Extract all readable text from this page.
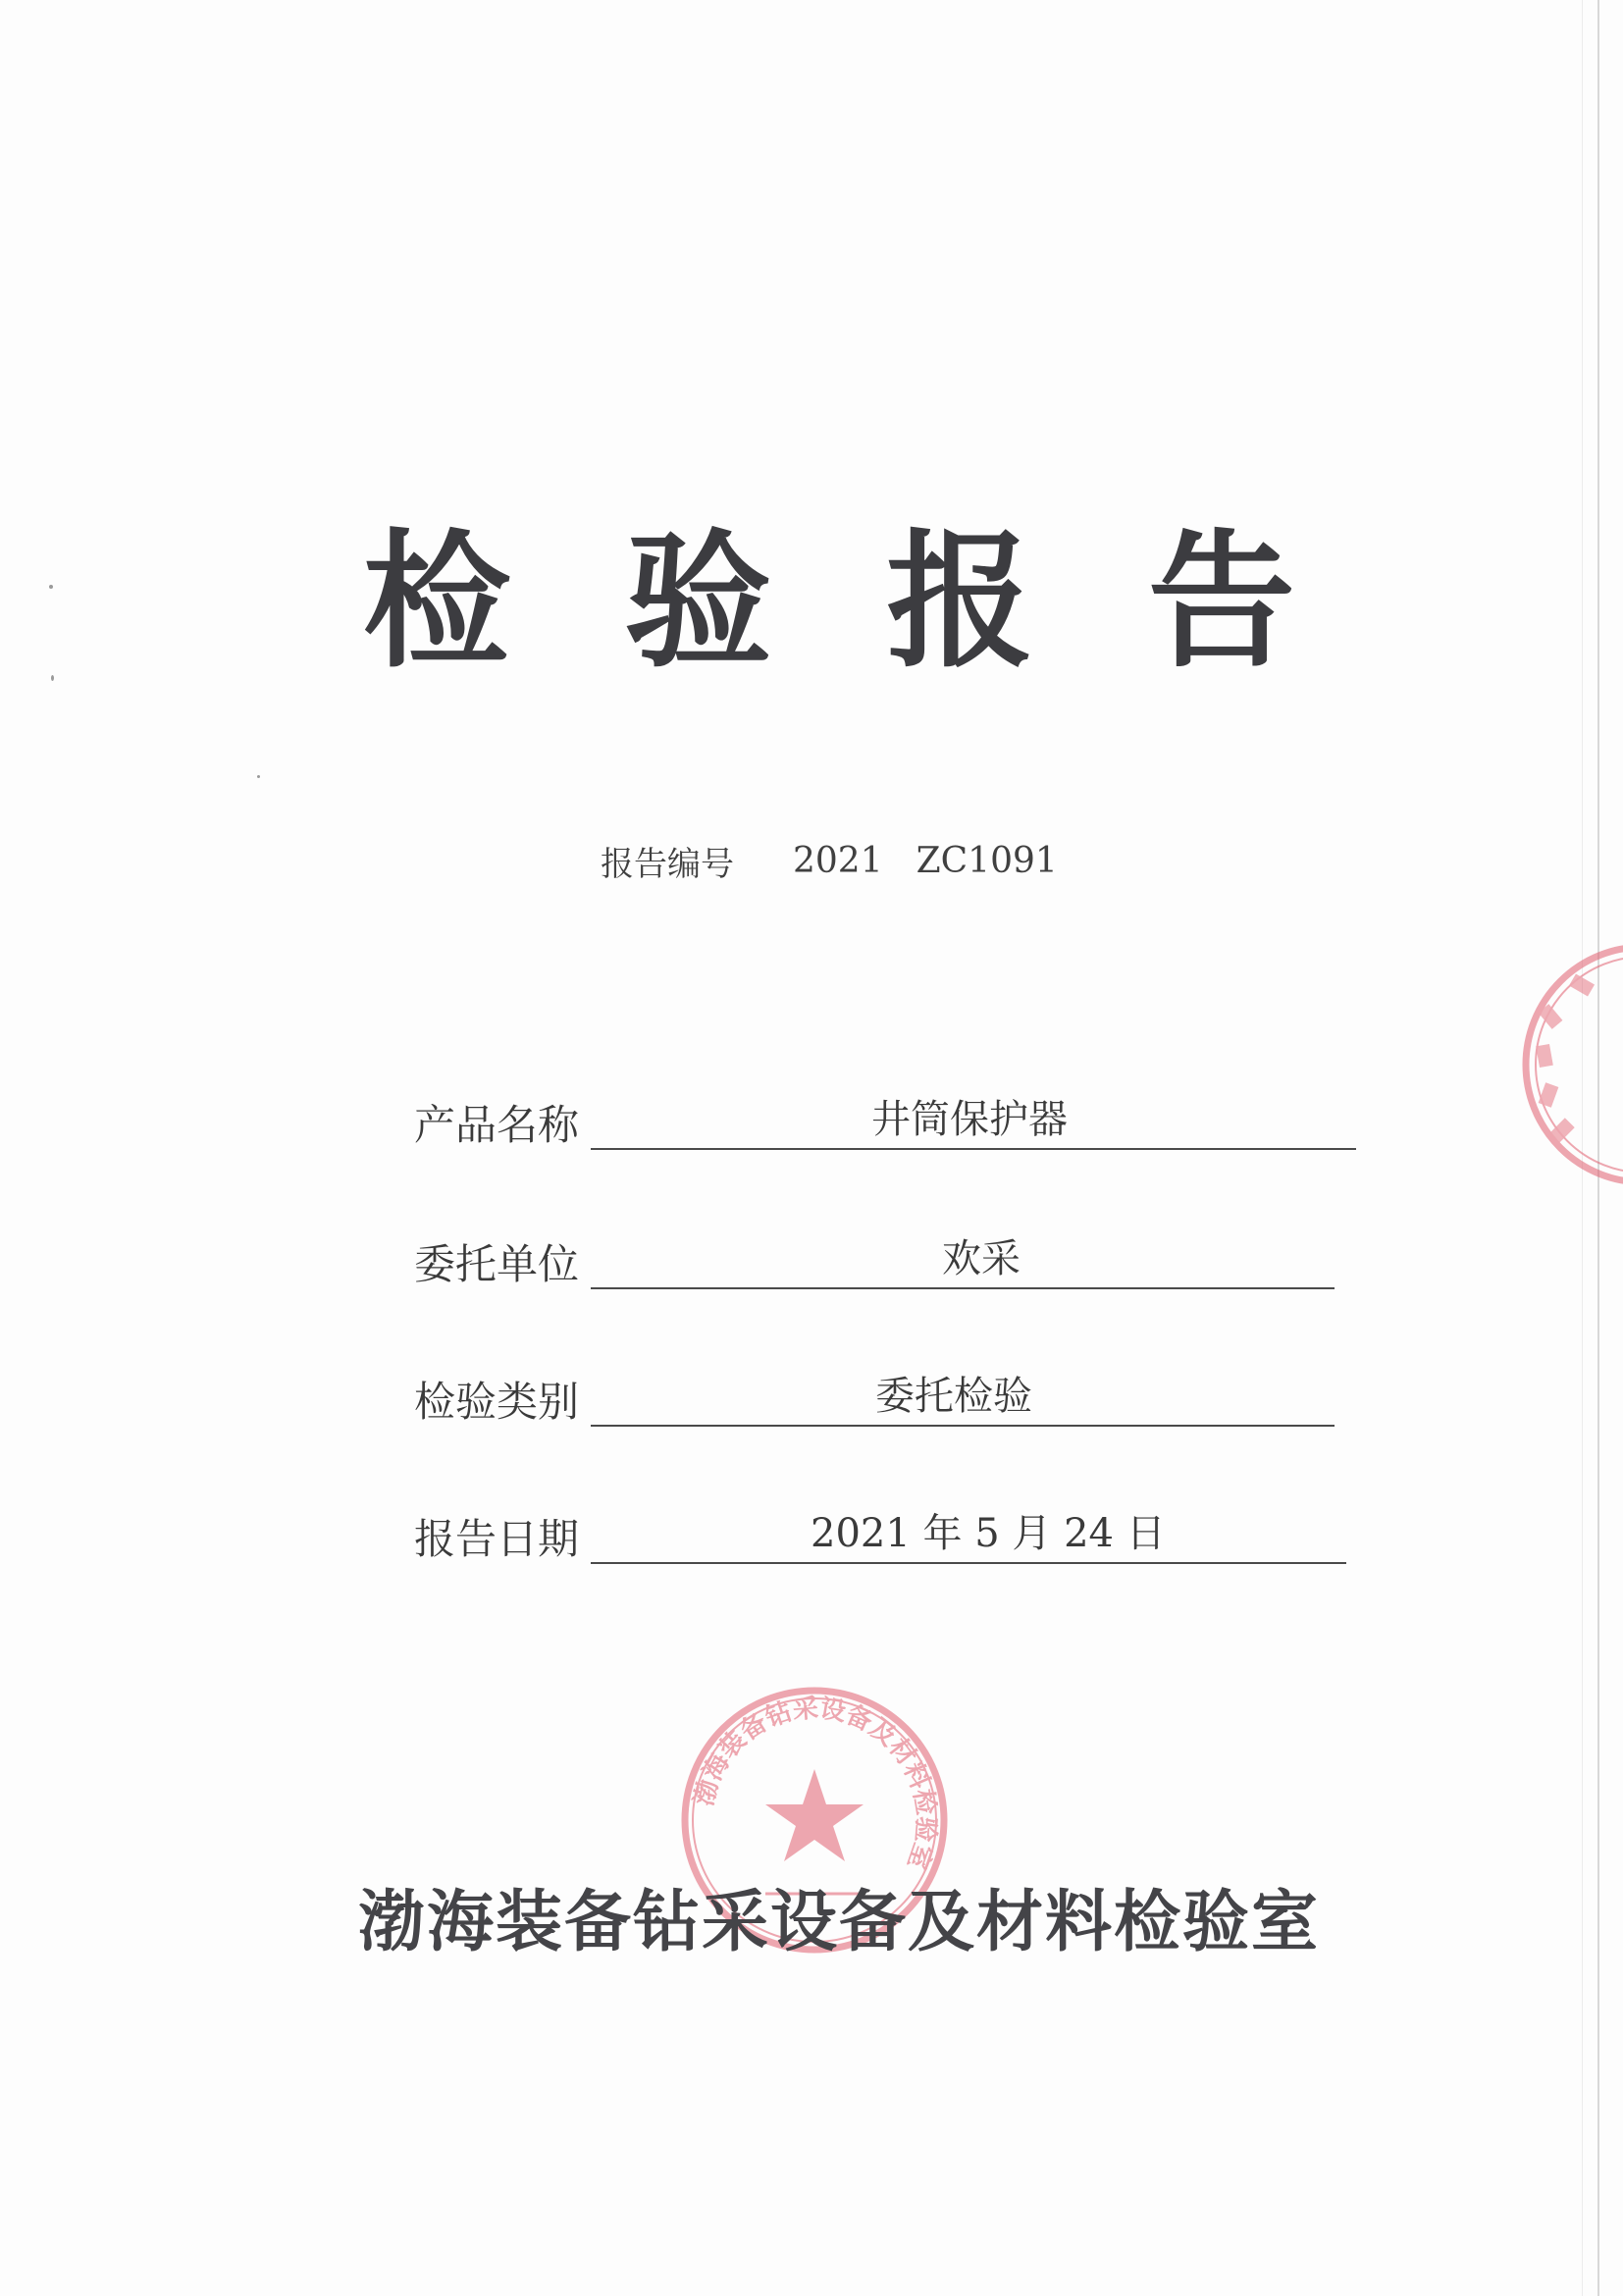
检 验 报 告
报告编号 2021 ZC1091
产品名称	井筒保护器
委托单位	欢采
检验类别	委托检验
报告日期	2021 年 5 月 24 日
渤海装备钻采设备及材料检验室
渤海装备钻采设备及材料检验室
